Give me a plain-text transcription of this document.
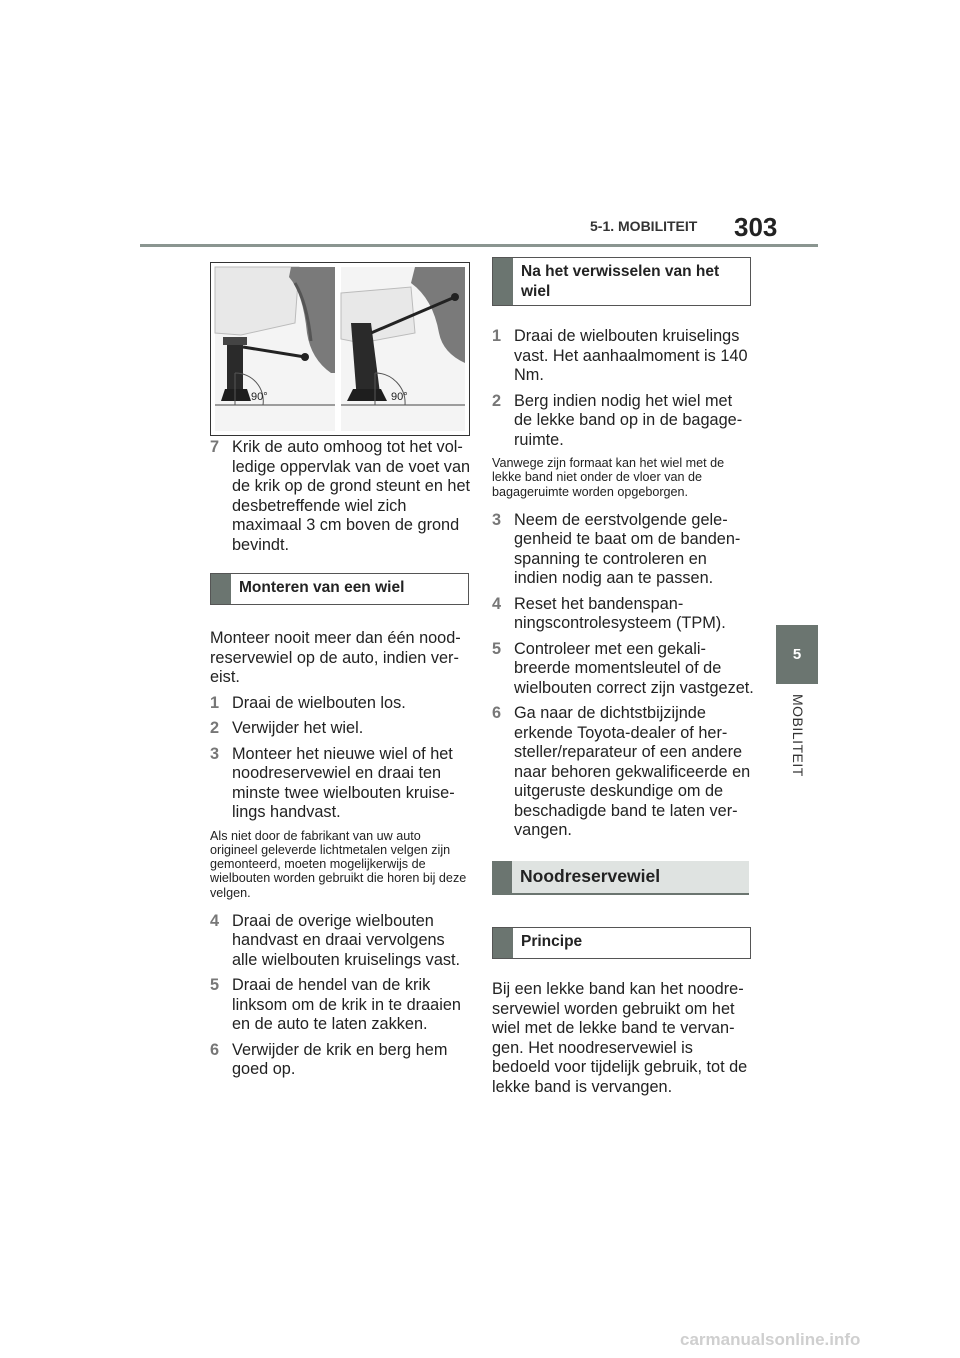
5-1. MOBILITEIT 303
5
MOBILITEIT
90°	90°
7 Krik de auto omhoog tot het volledige oppervlak van de voet van de krik op de grond steunt en het desbetreffende wiel zich maximaal 3 cm boven de grond bevindt.
Monteren van een wiel

Monteer nooit meer dan één noodreservewiel op de auto, indien vereist.

1 Draai de wielbouten los.
2 Verwijder het wiel.
3 Monteer het nieuwe wiel of het noodreservewiel en draai ten minste twee wielbouten kruiselings handvast.

Als niet door de fabrikant van uw auto origineel geleverde lichtmetalen velgen zijn gemonteerd, moeten mogelijkerwijs de wielbouten worden gebruikt die horen bij deze velgen.

4 Draai de overige wielbouten handvast en draai vervolgens alle wielbouten kruiselings vast.
5 Draai de hendel van de krik linksom om de krik in te draaien en de auto te laten zakken.
6 Verwijder de krik en berg hem goed op.
Na het verwisselen van het wiel
1 Draai de wielbouten kruiselings vast. Het aanhaalmoment is 140 Nm.
2 Berg indien nodig het wiel met de lekke band op in de bagageruimte.

Vanwege zijn formaat kan het wiel met de lekke band niet onder de vloer van de bagageruimte worden opgeborgen.

3 Neem de eerstvolgende gelegenheid te baat om de bandenspanning te controleren en indien nodig aan te passen.
4 Reset het bandenspanningscontrolesysteem (TPM).
5 Controleer met een gekalibreerde momentsleutel of de wielbouten correct zijn vastgezet.
6 Ga naar de dichtstbijzijnde erkende Toyota-dealer of hersteller/reparateur of een andere naar behoren gekwalificeerde en uitgeruste deskundige om de beschadigde band te laten vervangen.
Noodreservewiel
Principe

Bij een lekke band kan het noodreservewiel worden gebruikt om het wiel met de lekke band te vervangen. Het noodreservewiel is bedoeld voor tijdelijk gebruik, tot de lekke band is vervangen.

carmanualsonline.info
